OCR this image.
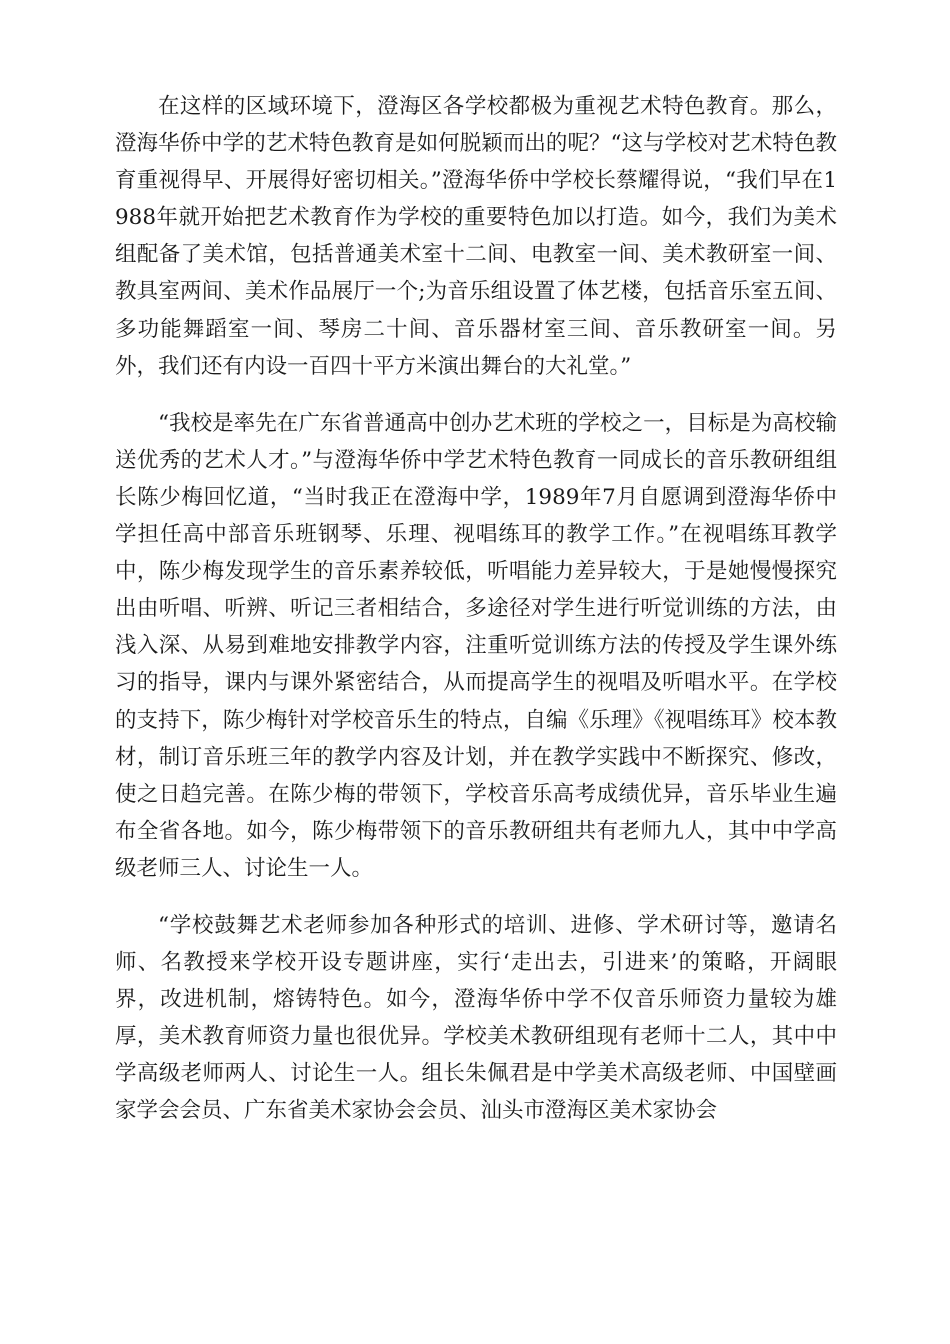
在这样的区域环境下，澄海区各学校都极为重视艺术特色教育。那么，澄海华侨中学的艺术特色教育是如何脱颖而出的呢？“这与学校对艺术特色教育重视得早、开展得好密切相关。”澄海华侨中学校长蔡耀得说，“我们早在1988年就开始把艺术教育作为学校的重要特色加以打造。如今，我们为美术组配备了美术馆，包括普通美术室十二间、电教室一间、美术教研室一间、教具室两间、美术作品展厅一个;为音乐组设置了体艺楼，包括音乐室五间、多功能舞蹈室一间、琴房二十间、音乐器材室三间、音乐教研室一间。另外，我们还有内设一百四十平方米演出舞台的大礼堂。”

“我校是率先在广东省普通高中创办艺术班的学校之一，目标是为高校输送优秀的艺术人才。”与澄海华侨中学艺术特色教育一同成长的音乐教研组组长陈少梅回忆道，“当时我正在澄海中学，1989年7月自愿调到澄海华侨中学担任高中部音乐班钢琴、乐理、视唱练耳的教学工作。”在视唱练耳教学中，陈少梅发现学生的音乐素养较低，听唱能力差异较大，于是她慢慢探究出由听唱、听辨、听记三者相结合，多途径对学生进行听觉训练的方法，由浅入深、从易到难地安排教学内容，注重听觉训练方法的传授及学生课外练习的指导，课内与课外紧密结合，从而提高学生的视唱及听唱水平。在学校的支持下，陈少梅针对学校音乐生的特点，自编《乐理》《视唱练耳》校本教材，制订音乐班三年的教学内容及计划，并在教学实践中不断探究、修改，使之日趋完善。在陈少梅的带领下，学校音乐高考成绩优异，音乐毕业生遍布全省各地。如今，陈少梅带领下的音乐教研组共有老师九人，其中中学高级老师三人、讨论生一人。

“学校鼓舞艺术老师参加各种形式的培训、进修、学术研讨等，邀请名师、名教授来学校开设专题讲座，实行‘走出去，引进来’的策略，开阔眼界，改进机制，熔铸特色。如今，澄海华侨中学不仅音乐师资力量较为雄厚，美术教育师资力量也很优异。学校美术教研组现有老师十二人，其中中学高级老师两人、讨论生一人。组长朱佩君是中学美术高级老师、中国壁画家学会会员、广东省美术家协会会员、汕头市澄海区美术家协会
